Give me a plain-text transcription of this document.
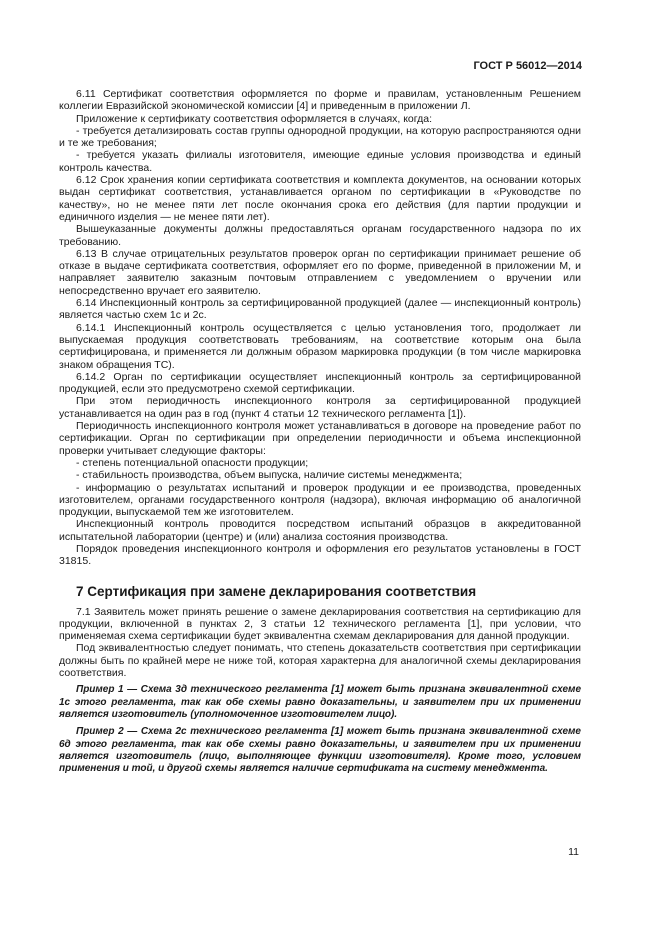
ГОСТ Р 56012—2014

6.11 Сертификат соответствия оформляется по форме и правилам, установленным Решением коллегии Евразийской экономической комиссии [4] и приведенным в приложении Л.

Приложение к сертификату соответствия оформляется в случаях, когда:

- требуется детализировать состав группы однородной продукции, на которую распространяются одни и те же требования;

- требуется указать филиалы изготовителя, имеющие единые условия производства и единый контроль качества.

6.12 Срок хранения копии сертификата соответствия и комплекта документов, на основании которых выдан сертификат соответствия, устанавливается органом по сертификации в «Руководстве по качеству», но не менее пяти лет после окончания срока его действия (для партии продукции и единичного изделия — не менее пяти лет).

Вышеуказанные документы должны предоставляться органам государственного надзора по их требованию.

6.13 В случае отрицательных результатов проверок орган по сертификации принимает решение об отказе в выдаче сертификата соответствия, оформляет его по форме, приведенной в приложении М, и направляет заявителю заказным почтовым отправлением с уведомлением о вручении или непосредственно вручает его заявителю.

6.14 Инспекционный контроль за сертифицированной продукцией (далее — инспекционный контроль) является частью схем 1с и 2с.

6.14.1 Инспекционный контроль осуществляется с целью установления того, продолжает ли выпускаемая продукция соответствовать требованиям, на соответствие которым она была сертифицирована, и применяется ли должным образом маркировка продукции (в том числе маркировка знаком обращения ТС).

6.14.2 Орган по сертификации осуществляет инспекционный контроль за сертифицированной продукцией, если это предусмотрено схемой сертификации.

При этом периодичность инспекционного контроля за сертифицированной продукцией устанавливается на один раз в год (пункт 4 статьи 12 технического регламента [1]).

Периодичность инспекционного контроля может устанавливаться в договоре на проведение работ по сертификации. Орган по сертификации при определении периодичности и объема инспекционной проверки учитывает следующие факторы:

- степень потенциальной опасности продукции;

- стабильность производства, объем выпуска, наличие системы менеджмента;

- информацию о результатах испытаний и проверок продукции и ее производства, проведенных изготовителем, органами государственного контроля (надзора), включая информацию об аналогичной продукции, выпускаемой тем же изготовителем.

Инспекционный контроль проводится посредством испытаний образцов в аккредитованной испытательной лаборатории (центре) и (или) анализа состояния производства.

Порядок проведения инспекционного контроля и оформления его результатов установлены в ГОСТ 31815.

7 Сертификация при замене декларирования соответствия

7.1 Заявитель может принять решение о замене декларирования соответствия на сертификацию для продукции, включенной в пунктах 2, 3 статьи 12 технического регламента [1], при условии, что применяемая схема сертификации будет эквивалентна схемам декларирования для данной продукции.

Под эквивалентностью следует понимать, что степень доказательств соответствия при сертификации должны быть по крайней мере не ниже той, которая характерна для аналогичной схемы декларирования соответствия.

Пример 1 — Схема 3д технического регламента [1] может быть признана эквивалентной схеме 1с этого регламента, так как обе схемы равно доказательны, и заявителем при их применении является изготовитель (уполномоченное изготовителем лицо).

Пример 2 — Схема 2с технического регламента [1] может быть признана эквивалентной схеме 6д этого регламента, так как обе схемы равно доказательны, и заявителем при их применении является изготовитель (лицо, выполняющее функции изготовителя). Кроме того, условием применения и той, и другой схемы является наличие сертификата на систему менеджмента.

11
